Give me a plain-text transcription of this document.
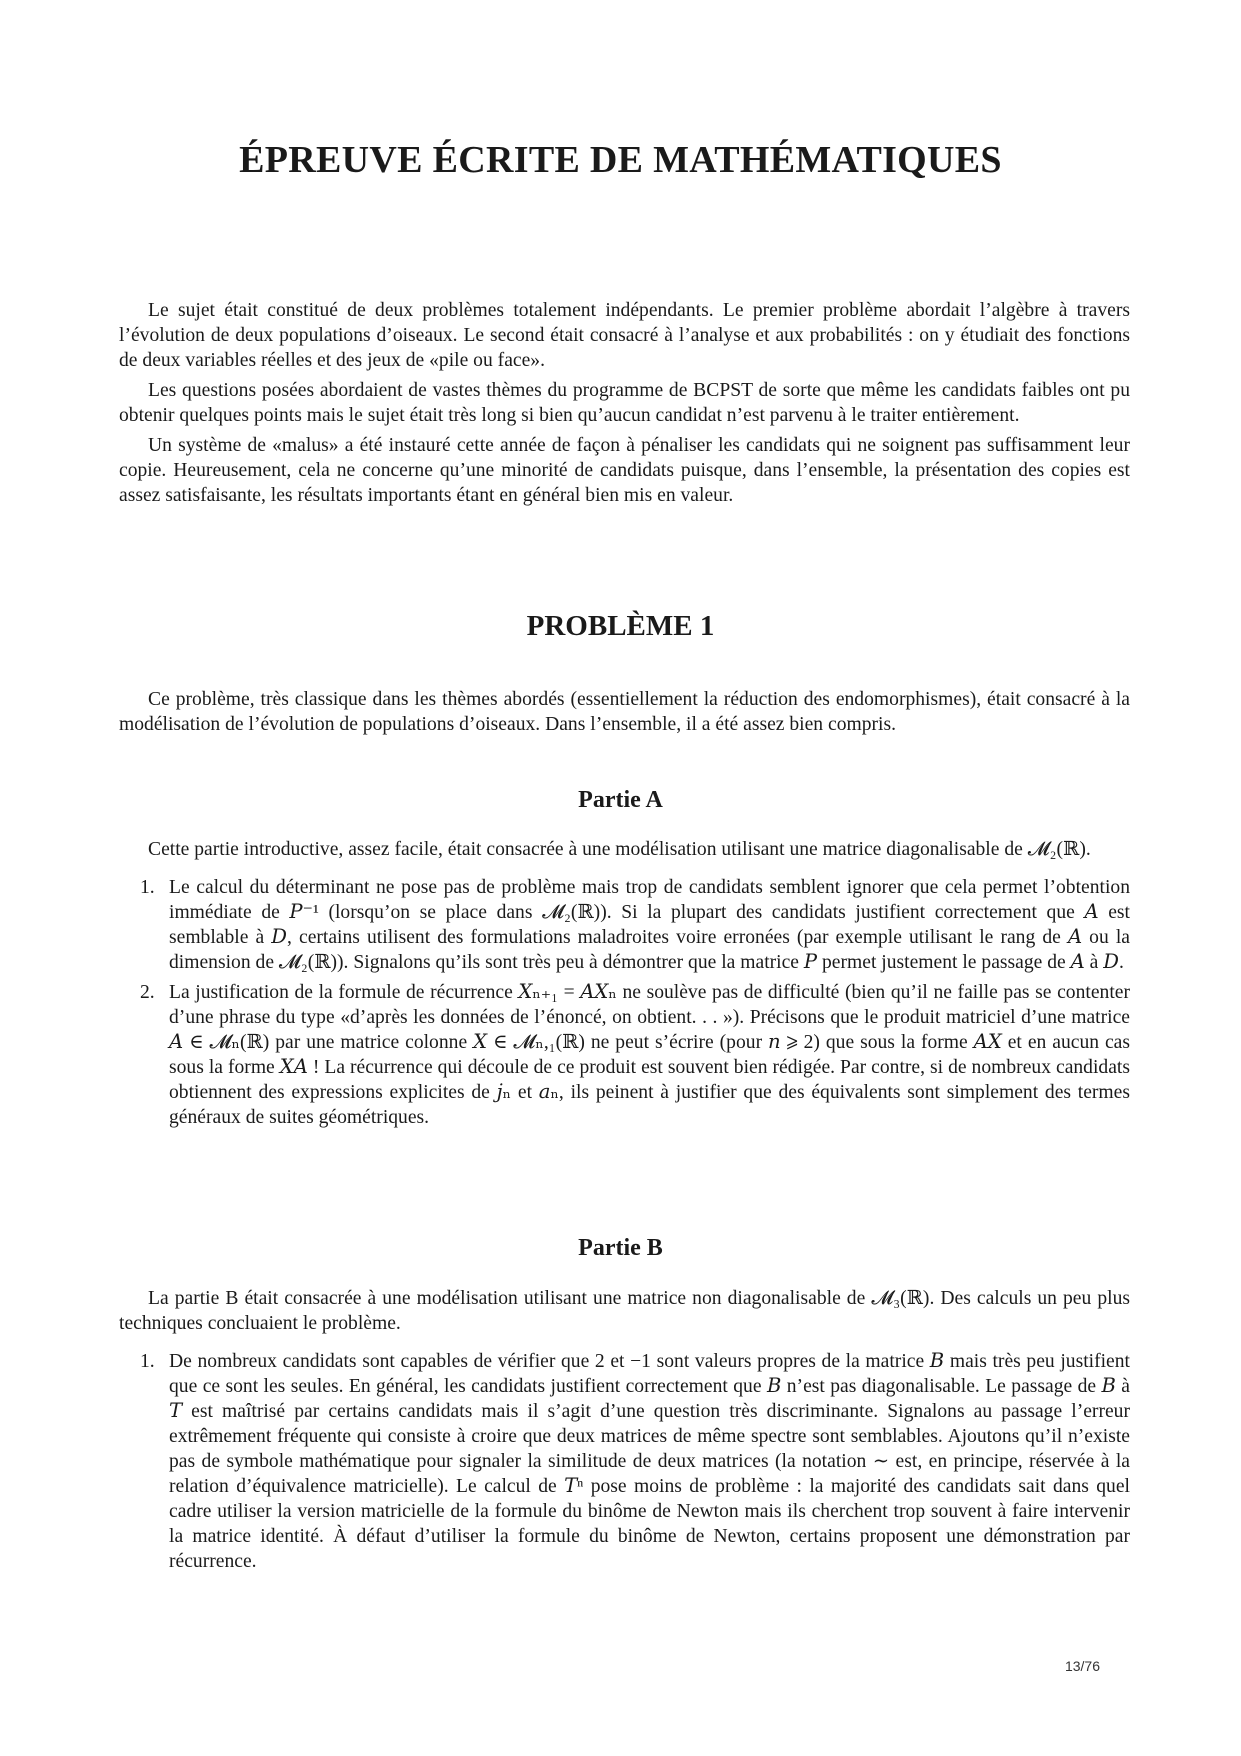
ÉPREUVE ÉCRITE DE MATHÉMATIQUES

Le sujet était constitué de deux problèmes totalement indépendants. Le premier problème abordait l’algèbre à travers l’évolution de deux populations d’oiseaux. Le second était consacré à l’analyse et aux probabilités : on y étudiait des fonctions de deux variables réelles et des jeux de «pile ou face».

Les questions posées abordaient de vastes thèmes du programme de BCPST de sorte que même les candidats faibles ont pu obtenir quelques points mais le sujet était très long si bien qu’aucun candidat n’est parvenu à le traiter entièrement.

Un système de «malus» a été instauré cette année de façon à pénaliser les candidats qui ne soignent pas suffisamment leur copie. Heureusement, cela ne concerne qu’une minorité de candidats puisque, dans l’ensemble, la présentation des copies est assez satisfaisante, les résultats importants étant en général bien mis en valeur.

PROBLÈME 1

Ce problème, très classique dans les thèmes abordés (essentiellement la réduction des endomorphismes), était consacré à la modélisation de l’évolution de populations d’oiseaux. Dans l’ensemble, il a été assez bien compris.

Partie A

Cette partie introductive, assez facile, était consacrée à une modélisation utilisant une matrice diagonalisable de 𝓜₂(ℝ).

1. Le calcul du déterminant ne pose pas de problème mais trop de candidats semblent ignorer que cela permet l’obtention immédiate de 𝑃⁻¹ (lorsqu’on se place dans 𝓜₂(ℝ)). Si la plupart des candidats justifient correctement que 𝐴 est semblable à 𝐷, certains utilisent des formulations maladroites voire erronées (par exemple utilisant le rang de 𝐴 ou la dimension de 𝓜₂(ℝ)). Signalons qu’ils sont très peu à démontrer que la matrice 𝑃 permet justement le passage de 𝐴 à 𝐷.
2. La justification de la formule de récurrence 𝑋ₙ₊₁ = 𝐴𝑋ₙ ne soulève pas de difficulté (bien qu’il ne faille pas se contenter d’une phrase du type «d’après les données de l’énoncé, on obtient. . . »). Précisons que le produit matriciel d’une matrice 𝐴 ∈ 𝓜ₙ(ℝ) par une matrice colonne 𝑋 ∈ 𝓜ₙ,₁(ℝ) ne peut s’écrire (pour 𝑛 ⩾ 2) que sous la forme 𝐴𝑋 et en aucun cas sous la forme 𝑋𝐴 ! La récurrence qui découle de ce produit est souvent bien rédigée. Par contre, si de nombreux candidats obtiennent des expressions explicites de 𝑗ₙ et 𝑎ₙ, ils peinent à justifier que des équivalents sont simplement des termes généraux de suites géométriques.
Partie B

La partie B était consacrée à une modélisation utilisant une matrice non diagonalisable de 𝓜₃(ℝ). Des calculs un peu plus techniques concluaient le problème.

1. De nombreux candidats sont capables de vérifier que 2 et −1 sont valeurs propres de la matrice 𝐵 mais très peu justifient que ce sont les seules. En général, les candidats justifient correctement que 𝐵 n’est pas diagonalisable. Le passage de 𝐵 à 𝑇 est maîtrisé par certains candidats mais il s’agit d’une question très discriminante. Signalons au passage l’erreur extrêmement fréquente qui consiste à croire que deux matrices de même spectre sont semblables. Ajoutons qu’il n’existe pas de symbole mathématique pour signaler la similitude de deux matrices (la notation ∼ est, en principe, réservée à la relation d’équivalence matricielle). Le calcul de 𝑇ⁿ pose moins de problème : la majorité des candidats sait dans quel cadre utiliser la version matricielle de la formule du binôme de Newton mais ils cherchent trop souvent à faire intervenir la matrice identité. À défaut d’utiliser la formule du binôme de Newton, certains proposent une démonstration par récurrence.
13/76
